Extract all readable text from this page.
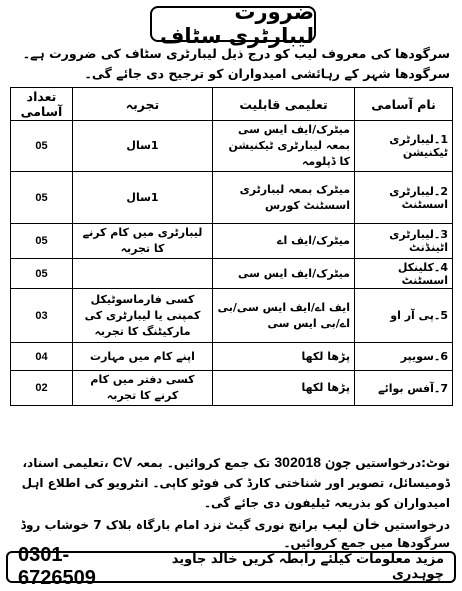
ضرورت لیبارٹری سٹاف
سرگودھا کی معروف لیب کو درج ذیل لیبارٹری سٹاف کی ضرورت ہے۔ سرگودھا شہر کے رہائشی امیدواران کو ترجیح دی جائے گی۔
نام آسامی	تعلیمی قابلیت	تجربہ	تعداد آسامی
1۔لیبارٹری ٹیکنیشن	میٹرک/ایف ایس سی بمعہ لیبارٹری ٹیکنیشن کا ڈپلومہ	1سال	05
2۔لیبارٹری اسسٹنٹ	میٹرک بمعہ لیبارٹری اسسٹنٹ کورس	1سال	05
3۔لیبارٹری اٹینڈنٹ	میٹرک/ایف اے	لیبارٹری میں کام کرنے کا تجربہ	05
4۔کلینکل اسسٹنٹ	میٹرک/ایف ایس سی		05
5۔پی آر او	ایف اے/ایف ایس سی/بی اے/بی ایس سی	کسی فارماسوٹیکل کمپنی یا لیبارٹری کی مارکیٹنگ کا تجربہ	03
6۔سویپر	پڑھا لکھا	اپنے کام میں مہارت	04
7۔آفس بوائے	پڑھا لکھا	کسی دفتر میں کام کرنے کا تجربہ	02
نوٹ:درخواستیں 30جون 2018 تک جمع کروائیں۔ بمعہ CV ،تعلیمی اسناد، ڈومیسائل، تصویر اور شناختی کارڈ کی فوٹو کاپی۔ انٹرویو کی اطلاع اہل امیدواران کو بذریعہ ٹیلیفون دی جائے گی۔
درخواستیں خان لیب برانچ نوری گیٹ نزد امام بارگاہ بلاک 7 خوشاب روڈ سرگودھا میں جمع کروائیں۔
0301-6726509
مزید معلومات کیلئے رابطہ کریں خالد جاوید چوہدری
